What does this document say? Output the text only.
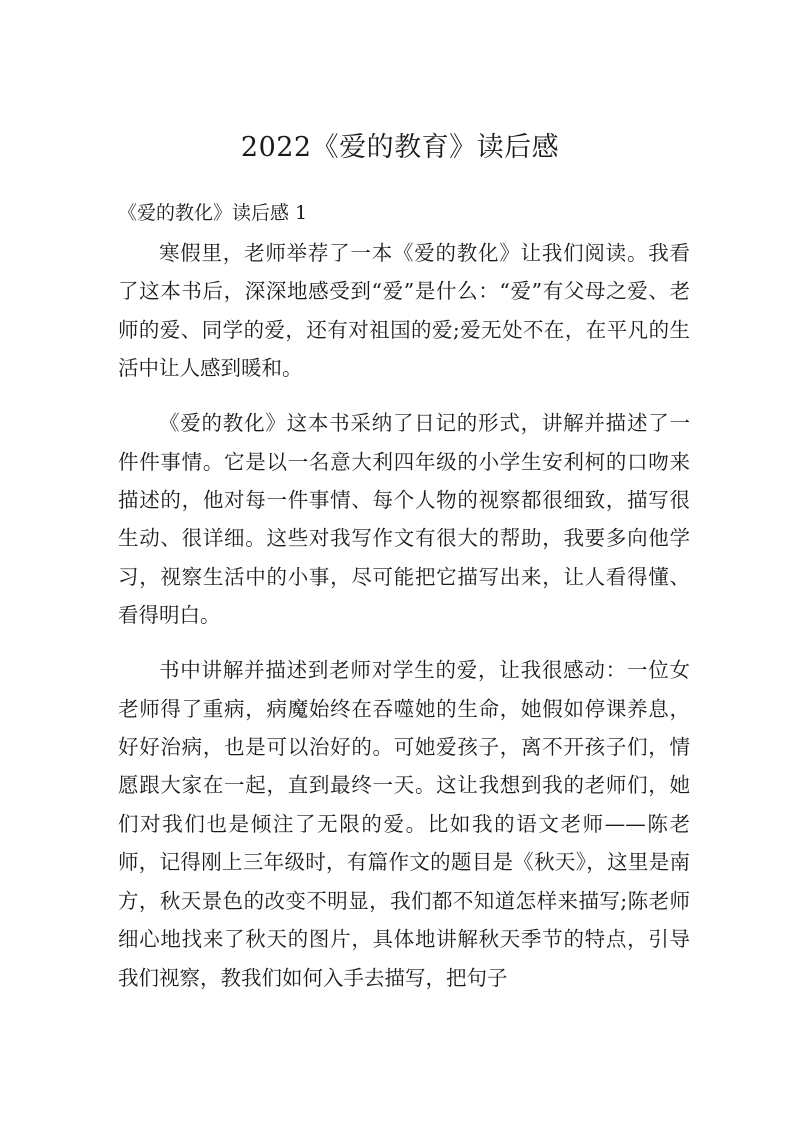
2022《爱的教育》读后感
《爱的教化》读后感 1

寒假里，老师举荐了一本《爱的教化》让我们阅读。我看了这本书后，深深地感受到“爱”是什么：“爱”有父母之爱、老师的爱、同学的爱，还有对祖国的爱;爱无处不在，在平凡的生活中让人感到暖和。

《爱的教化》这本书采纳了日记的形式，讲解并描述了一件件事情。它是以一名意大利四年级的小学生安利柯的口吻来描述的，他对每一件事情、每个人物的视察都很细致，描写很生动、很详细。这些对我写作文有很大的帮助，我要多向他学习，视察生活中的小事，尽可能把它描写出来，让人看得懂、看得明白。

书中讲解并描述到老师对学生的爱，让我很感动：一位女老师得了重病，病魔始终在吞噬她的生命，她假如停课养息，好好治病，也是可以治好的。可她爱孩子，离不开孩子们，情愿跟大家在一起，直到最终一天。这让我想到我的老师们，她们对我们也是倾注了无限的爱。比如我的语文老师——陈老师，记得刚上三年级时，有篇作文的题目是《秋天》，这里是南方，秋天景色的改变不明显，我们都不知道怎样来描写;陈老师细心地找来了秋天的图片，具体地讲解秋天季节的特点，引导我们视察，教我们如何入手去描写，把句子
